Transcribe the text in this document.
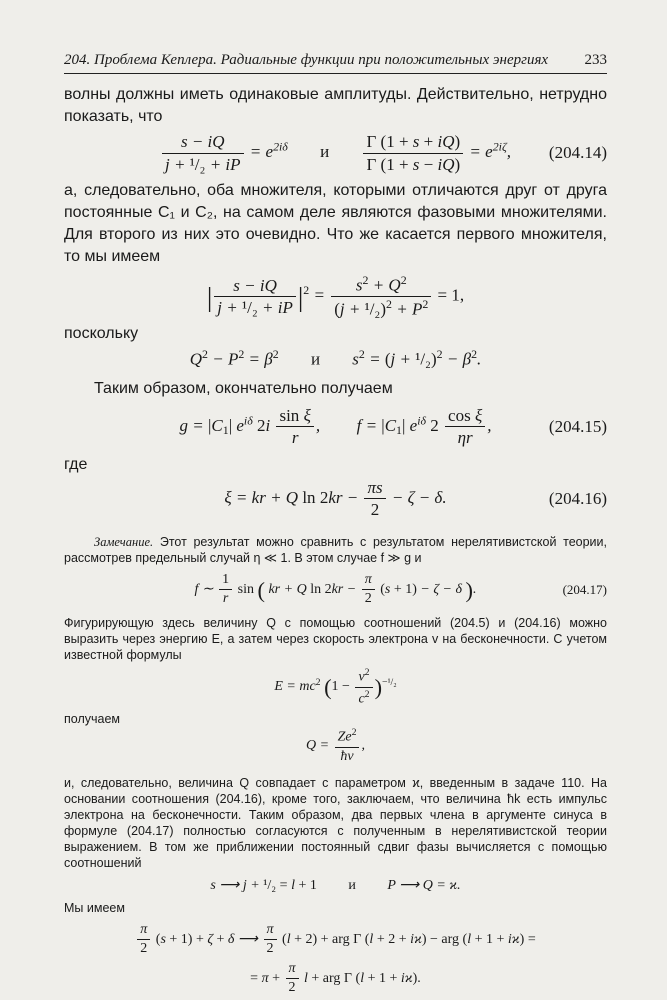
204. Проблема Кеплера. Радиальные функции при положительных энергиях 233

волны должны иметь одинаковые амплитуды. Действительно, нетрудно показать, что

$\frac{s - iQ}{\text{j + ¹/₂ + iP}} = e^{2i\delta}$ и $\frac{\Gamma (1 + s + iQ)}{\Gamma (1 + s - iQ)} = e^{2i\zeta}$, (204.14)

а, следовательно, оба множителя, которыми отличаются друг от друга постоянные C₁ и C₂, на самом деле являются фазовыми множителями. Для второго из них это очевидно. Что же касается первого множителя, то мы имеем

| $\frac{s - iQ}{\text{j + ¹/₂ + iP}} |^2 = \frac{s^2 + Q^2}{(j + ^1/_2)^2 + P^2} = 1$,

поскольку

$Q^2 - P^2 = \beta^2$ и $s^2 = (j + ^1/_2)^2 - \beta^2$.

Таким образом, окончательно получаем

g = |C1| $e^{i\delta}$ $2i \frac{\text{sin ξ}}{r}$ ,  f = |C1| $e^{i\delta}$ $2 \frac{\text{cos ξ}}{\eta r}$ ,	(204.15)

где

ξ = kr + Q $\ln 2kr - \frac{\pi s}{2} - \zeta - \delta$.	(204.16)

Замечание. Этот результат можно сравнить с результатом нерелятивистской теории, рассмотрев предельный случай η ≪ 1. В этом случае f ≫ g и

f ∼ $\frac{1}{r}$ sin ( kr + Q $\ln 2kr - \frac{\pi}{2} (s + 1) - \zeta - \delta$ ).	(204.17)

Фигурирующую здесь величину Q с помощью соотношений (204.5) и (204.16) можно выразить через энергию E, а затем через скорость электрона v на бесконечности. С учетом известной формулы

$E = mc^2$ $(1 - \frac{v^2}{c^2} )^{-^1/_2}$

получаем

$Q = \frac{Ze^2}{ħv}$ ,

и, следовательно, величина Q совпадает с параметром ϰ, введенным в задаче 110. На основании соотношения (204.16), кроме того, заключаем, что величина ħk есть импульс электрона на бесконечности. Таким образом, два первых члена в аргументе синуса в формуле (204.17) полностью согласуются с полученным в нерелятивистской теории выражением. В том же приближении постоянный сдвиг фазы вычисляется с помощью соотношений

s ⟶ j + ¹/₂ = l + 1 и P ⟶ Q = ϰ.

Мы имеем

$\frac{\pi}{2} (s + 1) + \zeta + \delta$ ⟶ $\frac{\pi}{2} (l + 2)$ + arg Γ (l + 2 + iϰ) − arg (l + 1 + iϰ) =
= $\pi + \frac{\pi}{2}$ l + arg Γ (l + 1 + iϰ).
